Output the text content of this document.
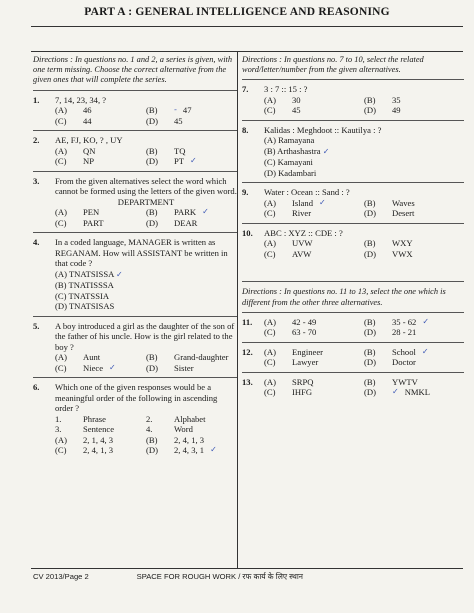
PART A : GENERAL INTELLIGENCE AND REASONING
Directions : In questions no. 1 and 2, a series is given, with one term missing. Choose the correct alternative from the given ones that will complete the series.
1. 7, 14, 23, 34, ?
(A)	46	(B)	- 47
(C)	44	(D)	45
2. AE, FJ, KO, ? , UY
(A)	QN	(B)	TQ
(C)	NP	(D)	PT ✓
3. From the given alternatives select the word which cannot be formed using the letters of the given word.
DEPARTMENT
(A)	PEN	(B)	PARK ✓
(C)	PART	(D)	DEAR
4. In a coded language, MANAGER is written as REGANAM. How will ASSISTANT be written in that code ?
(A) TNATSISSA ✓
(B) TNATISSSA
(C) TNATSSIA
(D) TNATSISAS
5. A boy introduced a girl as the daughter of the son of the father of his uncle. How is the girl related to the boy ?
(A)	Aunt	(B)	Grand-daughter
(C)	Niece ✓	(D)	Sister
6. Which one of the given responses would be a meaningful order of the following in ascending order ?
1.	Phrase	2.	Alphabet
3.	Sentence	4.	Word
(A)	2, 1, 4, 3	(B)	2, 4, 1, 3
(C)	2, 4, 1, 3	(D)	2, 4, 3, 1 ✓
Directions : In questions no. 7 to 10, select the related word/letter/number from the given alternatives.
7. 3 : 7 :: 15 : ?
(A)	30	(B)	35
(C)	45	(D)	49
8. Kalidas : Meghdoot :: Kautilya : ?
(A) Ramayana
(B) Arthashastra ✓
(C) Kamayani
(D) Kadambari
9. Water : Ocean :: Sand : ?
(A)	Island ✓	(B)	Waves
(C)	River	(D)	Desert
10. ABC : XYZ :: CDE : ?
(A)	UVW	(B)	WXY
(C)	AVW	(D)	VWX
Directions : In questions no. 11 to 13, select the one which is different from the other three alternatives.
11. (A)	42 - 49	(B)	35 - 62 ✓
(C)	63 - 70	(D)	28 - 21
12. (A)	Engineer	(B)	School ✓
(C)	Lawyer	(D)	Doctor
13. (A)	SRPQ	(B)	YWTV
(C)	IHFG	(D)	✓ NMKL
CV 2013/Page 2	SPACE FOR ROUGH WORK / रफ कार्य के लिए स्थान
